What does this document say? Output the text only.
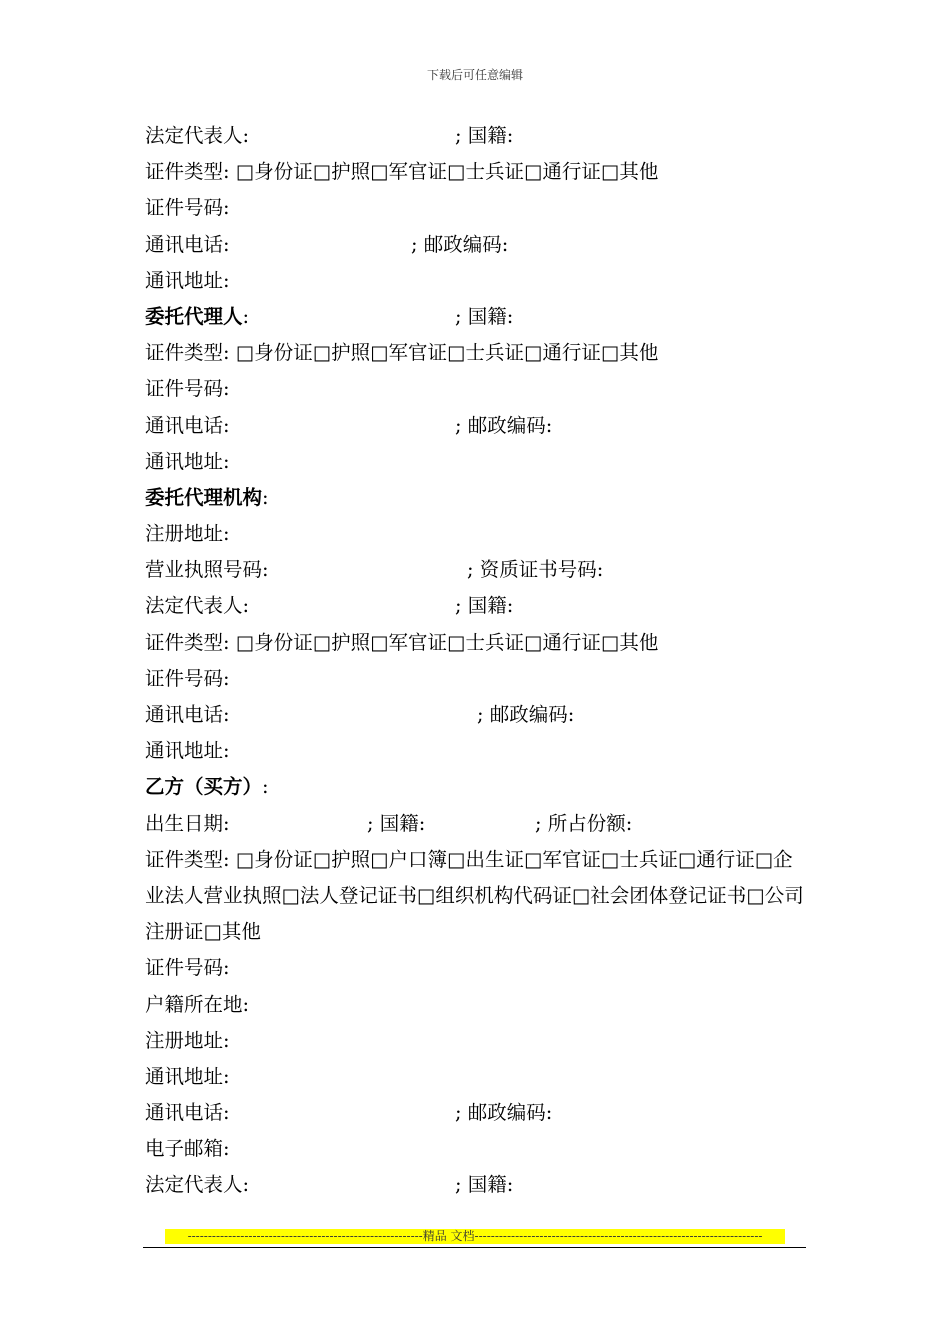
下载后可任意编辑
法定代表人:	; 国籍:
证件类型: □身份证□护照□军官证□士兵证□通行证□其他
证件号码:
通讯电话:	; 邮政编码:
通讯地址:
委托代理人:	; 国籍:
证件类型: □身份证□护照□军官证□士兵证□通行证□其他
证件号码:
通讯电话:	; 邮政编码:
通讯地址:
委托代理机构:
注册地址:
营业执照号码:	; 资质证书号码:
法定代表人:	; 国籍:
证件类型: □身份证□护照□军官证□士兵证□通行证□其他
证件号码:
通讯电话:	; 邮政编码:
通讯地址:
乙方（买方）:
出生日期:	; 国籍:	; 所占份额:
证件类型: □身份证□护照□户口簿□出生证□军官证□士兵证□通行证□企业法人营业执照□法人登记证书□组织机构代码证□社会团体登记证书□公司注册证□其他
证件号码:
户籍所在地:
注册地址:
通讯地址:
通讯电话:	; 邮政编码:
电子邮箱:
法定代表人:	; 国籍:
----------------------------------------------------------精品 文档-----------------------------------------------------------------------
